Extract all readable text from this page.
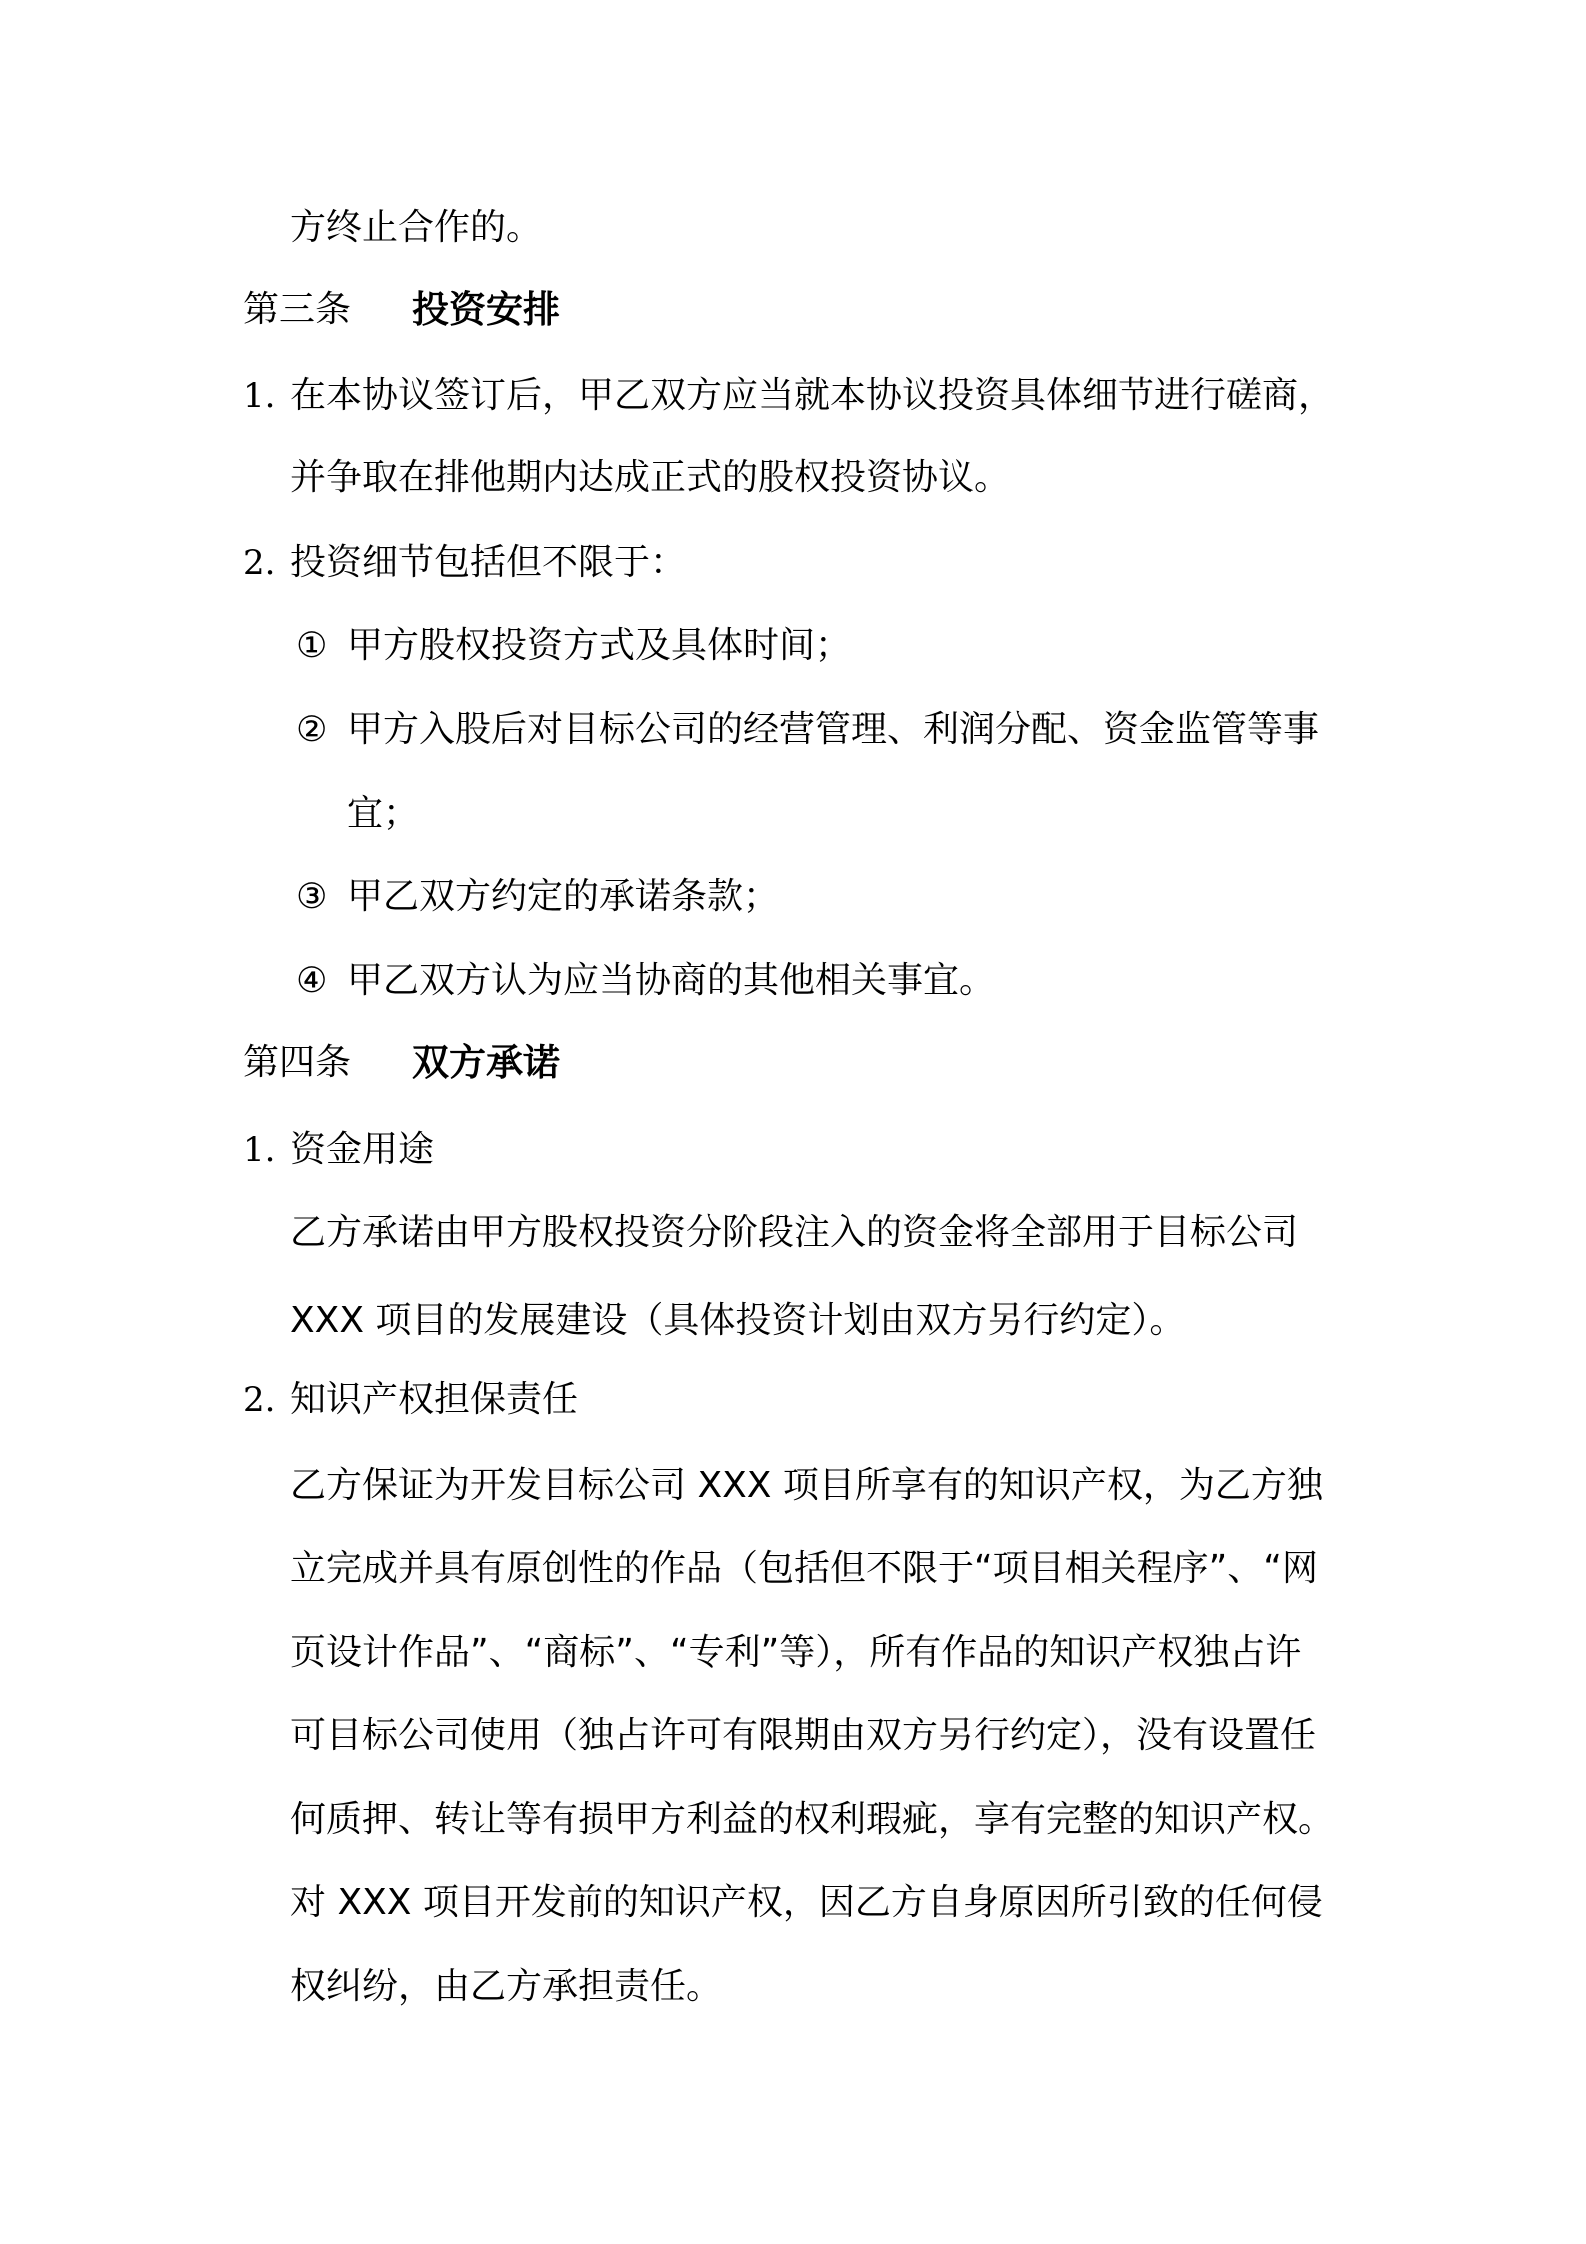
方终止合作的。
第三条 投资安排
1. 在本协议签订后，甲乙双方应当就本协议投资具体细节进行磋商，
并争取在排他期内达成正式的股权投资协议。
2. 投资细节包括但不限于：
① 甲方股权投资方式及具体时间；
② 甲方入股后对目标公司的经营管理、利润分配、资金监管等事
宜；
③ 甲乙双方约定的承诺条款；
④ 甲乙双方认为应当协商的其他相关事宜。
第四条 双方承诺
1. 资金用途
乙方承诺由甲方股权投资分阶段注入的资金将全部用于目标公司
XXX 项目的发展建设（具体投资计划由双方另行约定）。
2. 知识产权担保责任
乙方保证为开发目标公司 XXX 项目所享有的知识产权，为乙方独
立完成并具有原创性的作品（包括但不限于“项目相关程序”、“网
页设计作品”、“商标”、“专利”等），所有作品的知识产权独占许
可目标公司使用（独占许可有限期由双方另行约定），没有设置任
何质押、转让等有损甲方利益的权利瑕疵，享有完整的知识产权。
对 XXX 项目开发前的知识产权，因乙方自身原因所引致的任何侵
权纠纷，由乙方承担责任。
